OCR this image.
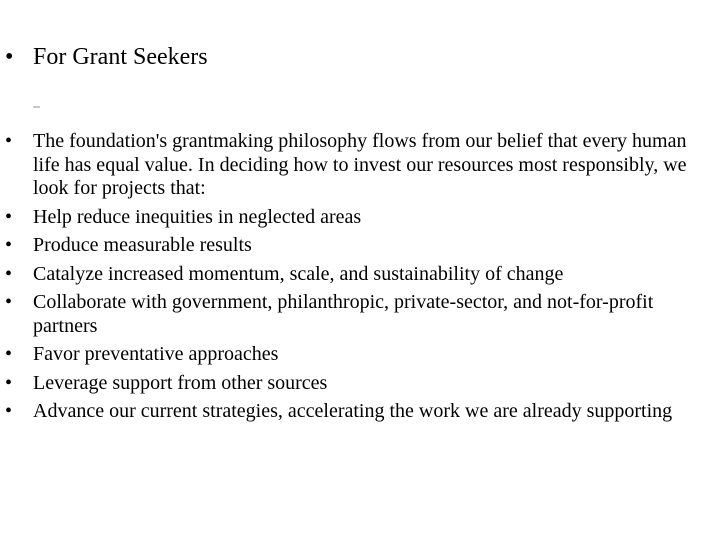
• For Grant Seekers
•	The foundation's grantmaking philosophy flows from our belief that every human life has equal value. In deciding how to invest our resources most responsibly, we look for projects that:
•	Help reduce inequities in neglected areas
•	Produce measurable results
•	Catalyze increased momentum, scale, and sustainability of change
•	Collaborate with government, philanthropic, private-sector, and not-for-profit partners
•	Favor preventative approaches
•	Leverage support from other sources
•	Advance our current strategies, accelerating the work we are already supporting
